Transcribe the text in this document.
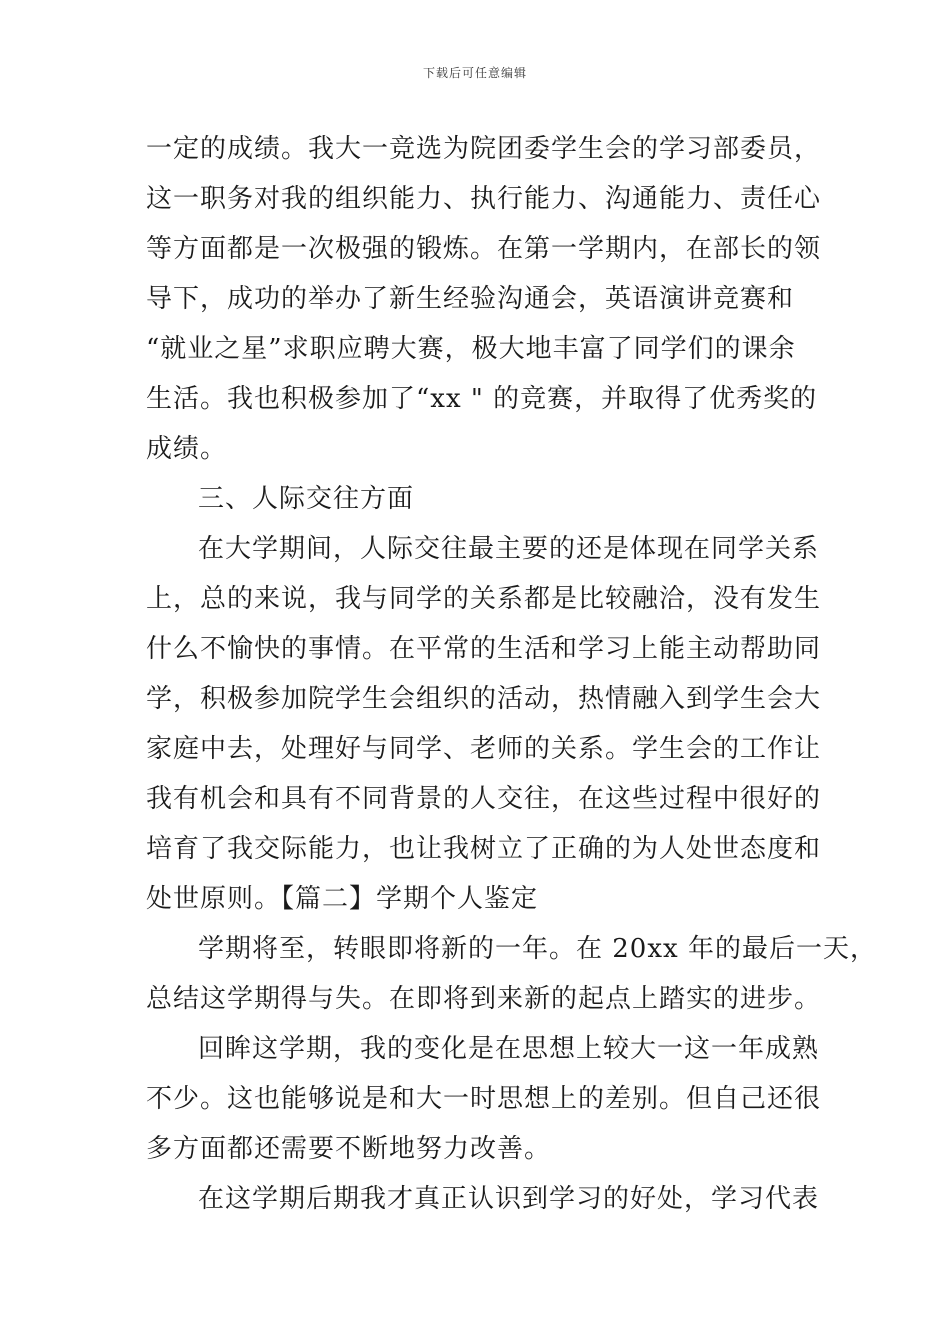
下载后可任意编辑
一定的成绩。我大一竞选为院团委学生会的学习部委员，
这一职务对我的组织能力、执行能力、沟通能力、责任心
等方面都是一次极强的锻炼。在第一学期内，在部长的领
导下，成功的举办了新生经验沟通会，英语演讲竞赛和
“就业之星”求职应聘大赛，极大地丰富了同学们的课余
生活。我也积极参加了“xx " 的竞赛，并取得了优秀奖的
成绩。
三、人际交往方面
在大学期间，人际交往最主要的还是体现在同学关系
上，总的来说，我与同学的关系都是比较融洽，没有发生
什么不愉快的事情。在平常的生活和学习上能主动帮助同
学，积极参加院学生会组织的活动，热情融入到学生会大
家庭中去，处理好与同学、老师的关系。学生会的工作让
我有机会和具有不同背景的人交往，在这些过程中很好的
培育了我交际能力，也让我树立了正确的为人处世态度和
处世原则。【篇二】学期个人鉴定
学期将至，转眼即将新的一年。在 20xx 年的最后一天，
总结这学期得与失。在即将到来新的起点上踏实的进步。
回眸这学期，我的变化是在思想上较大一这一年成熟
不少。这也能够说是和大一时思想上的差别。但自己还很
多方面都还需要不断地努力改善。
在这学期后期我才真正认识到学习的好处，学习代表
